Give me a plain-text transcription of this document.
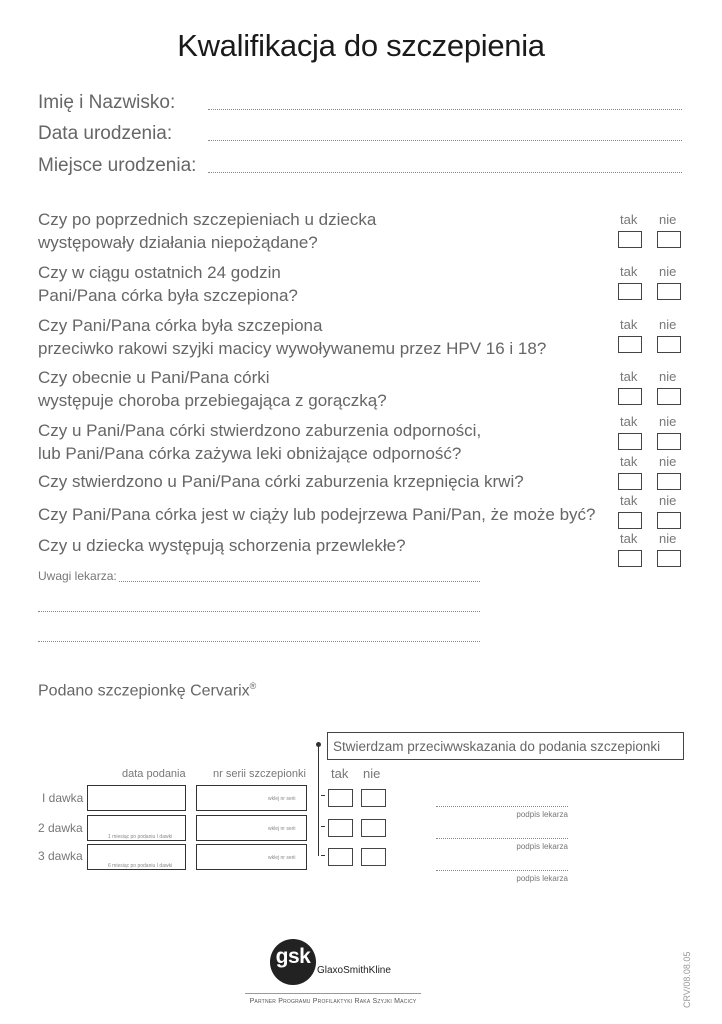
Kwalifikacja do szczepienia
Imię i Nazwisko:
Data urodzenia:
Miejsce urodzenia:
Czy po poprzednich szczepieniach u dziecka
występowały działania niepożądane?
Czy w ciągu ostatnich 24 godzin
Pani/Pana córka była szczepiona?
Czy Pani/Pana córka była szczepiona
przeciwko rakowi szyjki macicy wywoływanemu przez HPV 16 i 18?
Czy obecnie u Pani/Pana córki
występuje choroba przebiegająca z gorączką?
Czy u Pani/Pana córki stwierdzono zaburzenia odporności,
lub Pani/Pana córka zażywa leki obniżające odporność?
Czy stwierdzono u Pani/Pana córki zaburzenia krzepnięcia krwi?
Czy Pani/Pana córka jest w ciąży lub podejrzewa Pani/Pan, że może być?
Czy u dziecka występują schorzenia przewlekłe?
tak nie
tak nie
tak nie
tak nie
tak nie
tak nie
tak nie
tak nie
Uwagi lekarza:
Podano szczepionkę Cervarix®
Stwierdzam przeciwwskazania do podania szczepionki
data podania nr serii szczepionki tak nie
I dawka	wklej nr serii
2 dawka
1 miesiąc po podaniu I dawki
wklej nr serii
3 dawka
6 miesiąc po podaniu I dawki
wklej nr serii
podpis lekarza
podpis lekarza
podpis lekarza
gsk
GlaxoSmithKline
Partner Programu Profilaktyki Raka Szyjki Macicy	CRV/08.08.05
